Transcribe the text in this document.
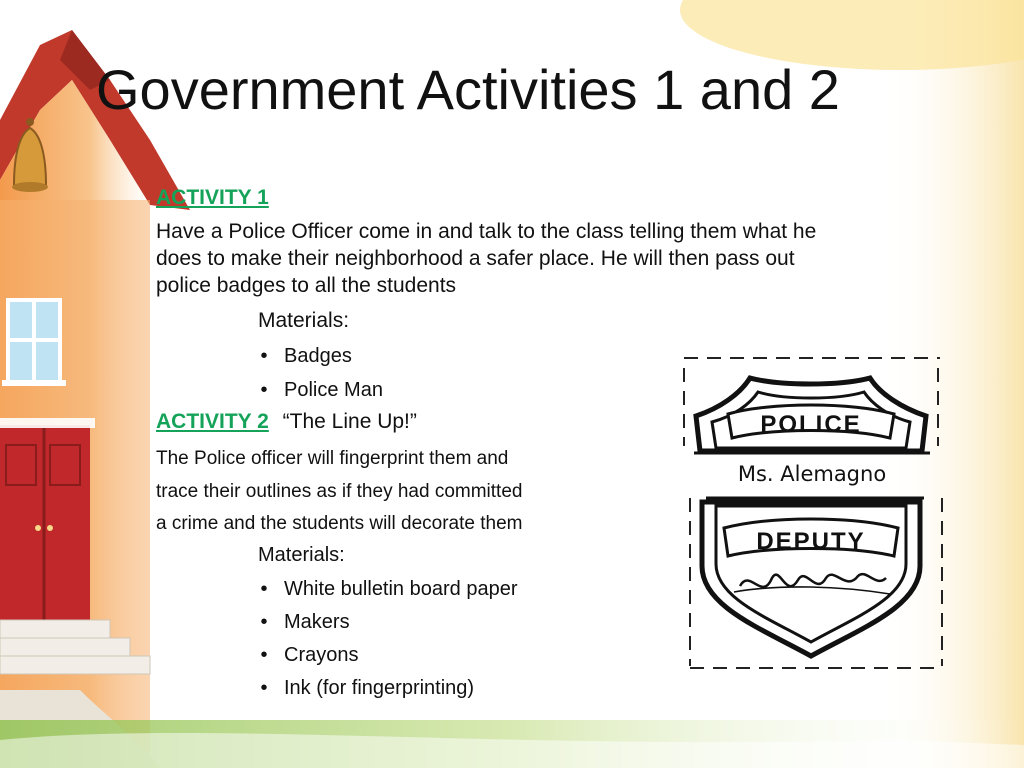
Government Activities 1 and 2
ACTIVITY 1
Have a Police Officer come in and talk to the class telling them what he
does to make their neighborhood a safer place. He will then pass out
police badges to all the students
Materials:
• Badges
• Police Man
ACTIVITY 2 “The Line Up!”
The Police officer will fingerprint them and
trace their outlines as if they had committed
a crime and the students will decorate them
Materials:
• White bulletin board paper
• Makers
• Crayons
• Ink (for fingerprinting)
POLICE
DEPUTY
Ms. Alemagno
